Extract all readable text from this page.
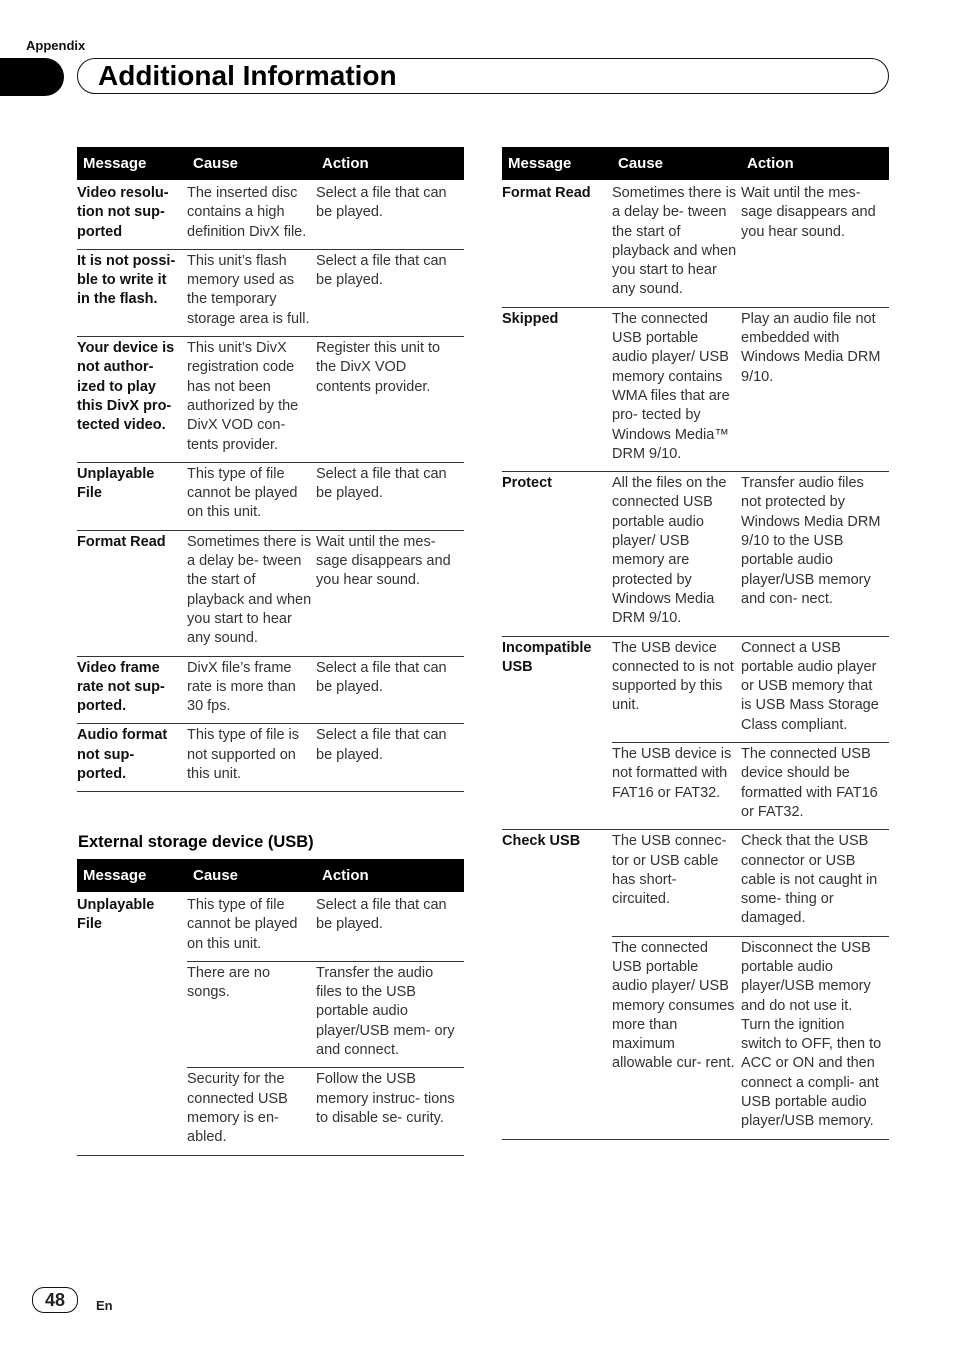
Appendix
Additional Information
Message	Cause	Action
Video resolu- tion not sup- ported	The inserted disc contains a high definition DivX file.	Select a file that can be played.
It is not possi- ble to write it in the flash.	This unit’s flash memory used as the temporary storage area is full.	Select a file that can be played.
Your device is not author- ized to play this DivX pro- tected video.	This unit’s DivX registration code has not been authorized by the DivX VOD con- tents provider.	Register this unit to the DivX VOD contents provider.
Unplayable File	This type of file cannot be played on this unit.	Select a file that can be played.
Format Read	Sometimes there is a delay be- tween the start of playback and when you start to hear any sound.	Wait until the mes- sage disappears and you hear sound.
Video frame rate not sup- ported.	DivX file’s frame rate is more than 30 fps.	Select a file that can be played.
Audio format not sup- ported.	This type of file is not supported on this unit.	Select a file that can be played.
External storage device (USB)
Message	Cause	Action
Unplayable File	This type of file cannot be played on this unit.	Select a file that can be played.
	There are no songs.	Transfer the audio files to the USB portable audio player/USB mem- ory and connect.
	Security for the connected USB memory is en- abled.	Follow the USB memory instruc- tions to disable se- curity.
Message	Cause	Action
Format Read	Sometimes there is a delay be- tween the start of playback and when you start to hear any sound.	Wait until the mes- sage disappears and you hear sound.
Skipped	The connected USB portable audio player/ USB memory contains WMA files that are pro- tected by Windows Media™ DRM 9/10.	Play an audio file not embedded with Windows Media DRM 9/10.
Protect	All the files on the connected USB portable audio player/ USB memory are protected by Windows Media DRM 9/10.	Transfer audio files not protected by Windows Media DRM 9/10 to the USB portable audio player/USB memory and con- nect.
Incompatible USB	The USB device connected to is not supported by this unit.	Connect a USB portable audio player or USB memory that is USB Mass Storage Class compliant.
	The USB device is not formatted with FAT16 or FAT32.	The connected USB device should be formatted with FAT16 or FAT32.
Check USB	The USB connec- tor or USB cable has short- circuited.	Check that the USB connector or USB cable is not caught in some- thing or damaged.
	The connected USB portable audio player/ USB memory consumes more than maximum allowable cur- rent.	Disconnect the USB portable audio player/USB memory and do not use it. Turn the ignition switch to OFF, then to ACC or ON and then connect a compli- ant USB portable audio player/USB memory.
48	En
